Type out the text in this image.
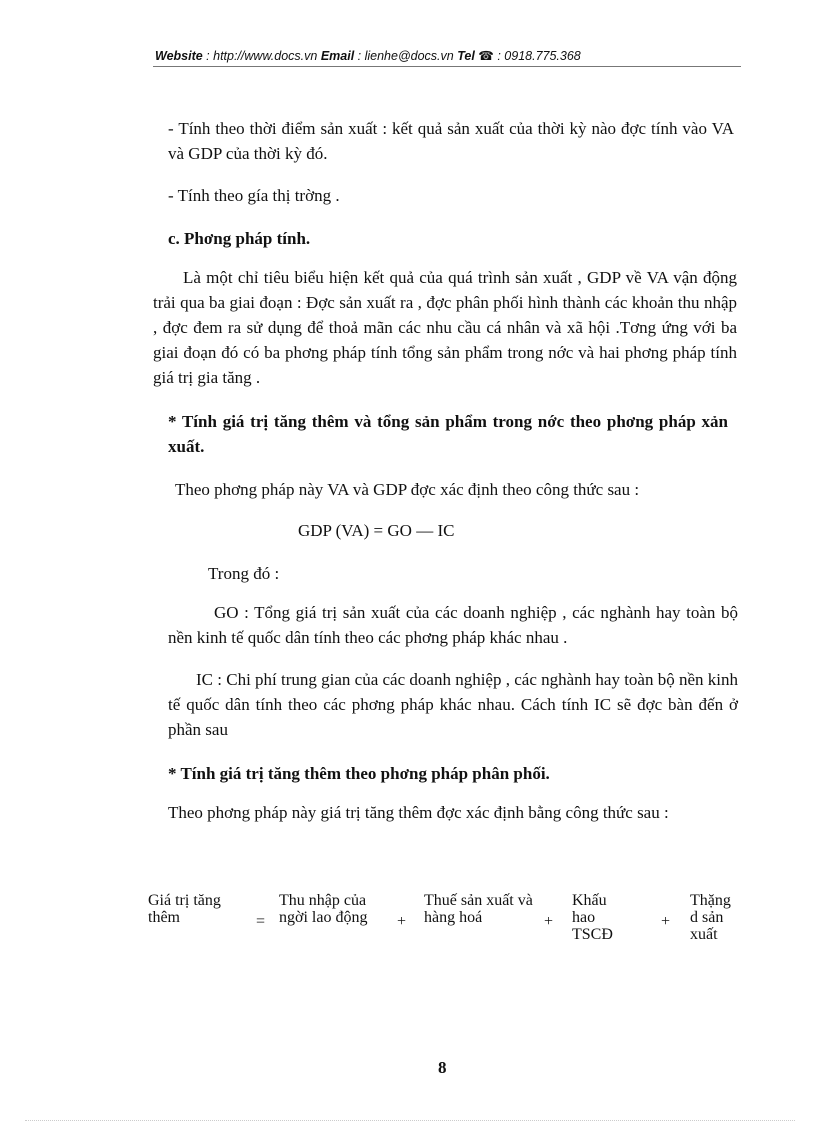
Website : http://www.docs.vn Email : lienhe@docs.vn Tel ☎ : 0918.775.368
- Tính theo thời điểm sản xuất : kết quả sản xuất của thời kỳ nào đợc tính vào VA và GDP của thời kỳ đó.
- Tính theo gía thị trờng .
c. Phơng pháp tính.
Là một chỉ tiêu biểu hiện kết quả của quá trình sản xuất , GDP về VA vận động trải qua ba giai đoạn : Đợc sản xuất ra , đợc phân phối hình thành các khoản thu nhập , đợc đem ra sử dụng để thoả mãn các nhu cầu cá nhân và xã hội .Tơng ứng với ba giai đoạn đó có ba phơng pháp tính tổng sản phẩm trong nớc và hai phơng pháp tính giá trị gia tăng .
* Tính giá trị tăng thêm và tổng sản phẩm trong nớc theo phơng pháp xản xuất.
Theo phơng pháp này VA và GDP đợc xác định theo công thức sau :
GDP (VA) = GO — IC
Trong đó :
GO : Tổng giá trị sản xuất của các doanh nghiệp , các nghành hay toàn bộ nền kinh tế quốc dân tính theo các phơng pháp khác nhau .
IC : Chi phí trung gian của các doanh nghiệp , các nghành hay toàn bộ nền kinh tế quốc dân tính theo các phơng pháp khác nhau. Cách tính IC sẽ đợc bàn đến ở phần sau
* Tính giá trị tăng thêm theo phơng pháp phân phối.
Theo phơng pháp này giá trị tăng thêm đợc xác định bằng công thức sau :
Giá trị tăng thêm	=
Thu nhập của ngời lao động +
Thuế sản xuất và hàng hoá	+
Khấu hao TSCĐ
+
Thặng d sản xuất
8
